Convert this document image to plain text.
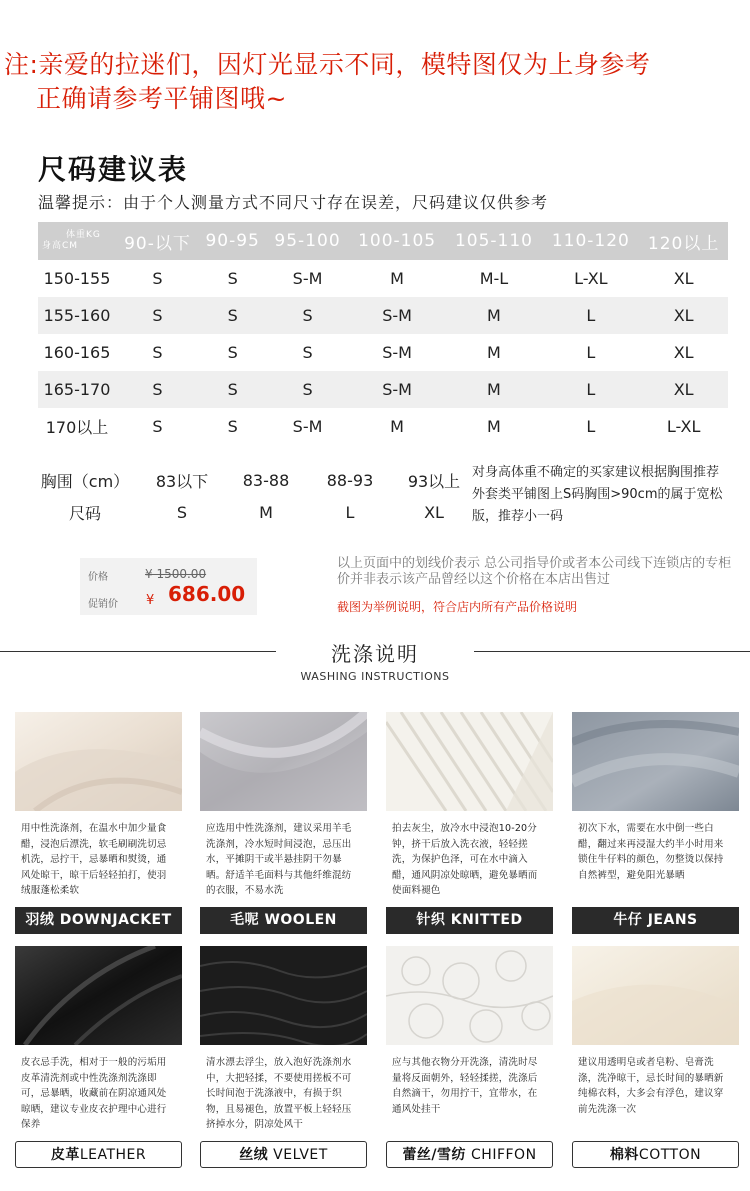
注:亲爱的拉迷们，因灯光显示不同，模特图仅为上身参考
正确请参考平铺图哦~
尺码建议表
温馨提示：由于个人测量方式不同尺寸存在误差，尺码建议仅供参考
体重KG
身高CM	90-以下	90-95	95-100	100-105	105-110	110-120	120以上
150-155	S	S	S-M	M	M-L	L-XL	XL
155-160	S	S	S	S-M	M	L	XL
160-165	S	S	S	S-M	M	L	XL
165-170	S	S	S	S-M	M	L	XL
170以上	S	S	S-M	M	M	L	L-XL
胸围（cm）	83以下	83-88	88-93	93以上
尺码	S	M	L	XL
对身高体重不确定的买家建议根据胸围推荐
外套类平铺图上S码胸围>90cm的属于宽松版，推荐小一码
价格	¥ 1500.00
促销价 ¥ 686.00
以上页面中的划线价表示 总公司指导价或者本公司线下连锁店的专柜价并非表示该产品曾经以这个价格在本店出售过
截图为举例说明，符合店内所有产品价格说明
洗涤说明
WASHING INSTRUCTIONS
用中性洗涤剂，在温水中加少量食醋，浸泡后漂洗，软毛刷刷洗切忌机洗，忌拧干，忌暴晒和熨烫，通风处晾干，晾干后轻轻拍打，使羽绒服蓬松柔软
羽绒 DOWNJACKET
应选用中性洗涤剂，建议采用羊毛洗涤剂，冷水短时间浸泡，忌压出水，平摊阴干或半悬挂阴干勿暴晒。舒适羊毛面料与其他纤维混纺的衣服，不易水洗
毛呢 WOOLEN
拍去灰尘，放冷水中浸泡10-20分钟，挤干后放入洗衣液，轻轻搓洗，为保护色泽，可在水中滴入醋，通风阴凉处晾晒，避免暴晒而使面料褪色
针织 KNITTED
初次下水，需要在水中倒一些白醋，翻过来再浸湿大约半小时用来锁住牛仔料的颜色，勿整烫以保持自然裤型，避免阳光暴晒
牛仔 JEANS
皮衣忌手洗，相对于一般的污垢用皮革清洗剂或中性洗涤剂洗涤即可，忌暴晒，收藏前在阴凉通风处晾晒，建议专业皮衣护理中心进行保养
皮革LEATHER
清水漂去浮尘，放入泡好洗涤剂水中，大把轻揉，不要使用搓板不可长时间泡于洗涤液中，有损于织物，且易褪色，放置平板上轻轻压挤掉水分，阴凉处风干
丝绒 VELVET
应与其他衣物分开洗涤，清洗时尽量将反面朝外，轻轻揉搓，洗涤后自然滴干，勿用拧干，宜带水，在通风处挂干
蕾丝/雪纺 CHIFFON
建议用透明皂或者皂粉、皂膏洗涤，洗净晾干，忌长时间的暴晒新纯棉衣料，大多会有浮色，建议穿前先洗涤一次
棉料COTTON
